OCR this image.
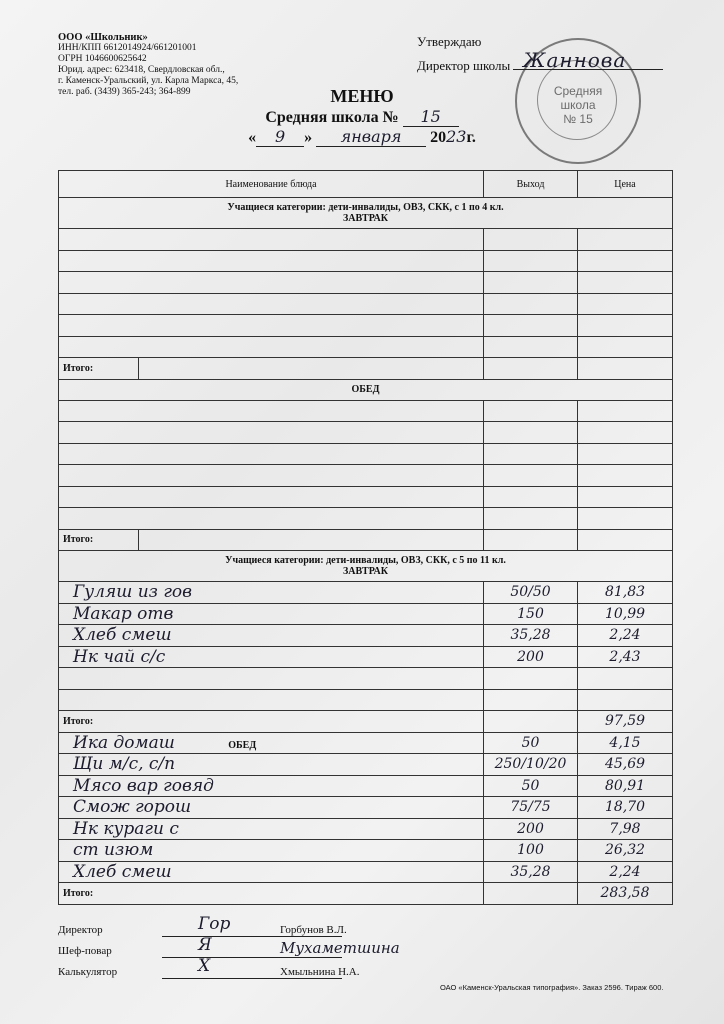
ООО «Школьник»
ИНН/КПП 6612014924/661201001
ОГРН 1046600625642
Юрид. адрес: 623418, Свердловская обл.,
г. Каменск-Уральский, ул. Карла Маркса, 45,
тел. раб. (3439) 365-243; 364-899	Средняя
школа
№ 15
Утверждаю
Директор школы Жаннова
МЕНЮ
Средняя школа № 15
« 9 » января 2023г.
Наименование блюда		Выход	Цена

Учащиеся категории: дети-инвалиды, ОВЗ, СКК, с 1 по 4 кл.
ЗАВТРАК			

Итого:			
ОБЕД			

Итого:			

Учащиеся категории: дети-инвалиды, ОВЗ, СКК, с 5 по 11 кл.
ЗАВТРАК			

Гуляш из гов		50/50	81,83
Макар отв		150	10,99
Хлеб смеш		35,28	2,24
Нк чай с/с		200	2,43

Итого:			97,59
Ика домаш ОБЕД		50	4,15
Щи м/с, с/п		250/10/20	45,69
Мясо вар говяд		50	80,91
Смож горош		75/75	18,70
Нк кураги с		200	7,98
ст изюм		100	26,32
Хлеб смеш		35,28	2,24
Итого:			283,58
Директор	Гор	Горбунов В.Л.
Шеф-повар	Я	Мухаметшина
Калькулятор	Х	Хмыльнина Н.А.
ОАО «Каменск-Уральская типография». Заказ 2596. Тираж 600.
